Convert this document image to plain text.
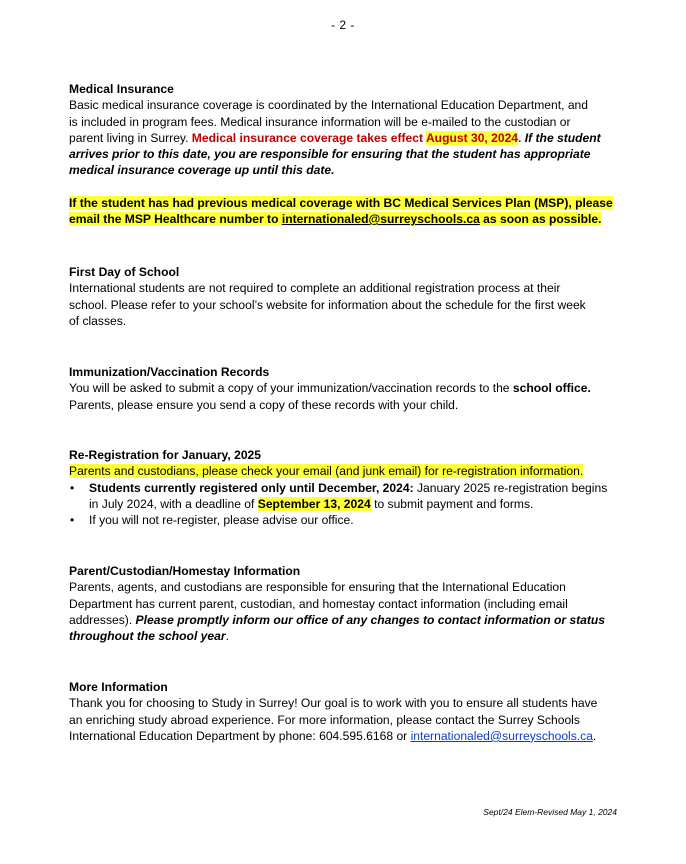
- 2 -
Medical Insurance
Basic medical insurance coverage is coordinated by the International Education Department, and
is included in program fees. Medical insurance information will be e-mailed to the custodian or
parent living in Surrey. Medical insurance coverage takes effect August 30, 2024. If the student
arrives prior to this date, you are responsible for ensuring that the student has appropriate
medical insurance coverage up until this date.
If the student has had previous medical coverage with BC Medical Services Plan (MSP), please
email the MSP Healthcare number to internationaled@surreyschools.ca as soon as possible.
First Day of School
International students are not required to complete an additional registration process at their
school. Please refer to your school’s website for information about the schedule for the first week
of classes.
Immunization/Vaccination Records
You will be asked to submit a copy of your immunization/vaccination records to the school office.
Parents, please ensure you send a copy of these records with your child.
Re-Registration for January, 2025
Parents and custodians, please check your email (and junk email) for re-registration information.
• Students currently registered only until December, 2024: January 2025 re-registration begins
in July 2024, with a deadline of September 13, 2024 to submit payment and forms.
• If you will not re-register, please advise our office.
Parent/Custodian/Homestay Information
Parents, agents, and custodians are responsible for ensuring that the International Education
Department has current parent, custodian, and homestay contact information (including email
addresses). Please promptly inform our office of any changes to contact information or status
throughout the school year.
More Information
Thank you for choosing to Study in Surrey! Our goal is to work with you to ensure all students have
an enriching study abroad experience. For more information, please contact the Surrey Schools
International Education Department by phone: 604.595.6168 or internationaled@surreyschools.ca.
Sept/24 Elem-Revised May 1, 2024
